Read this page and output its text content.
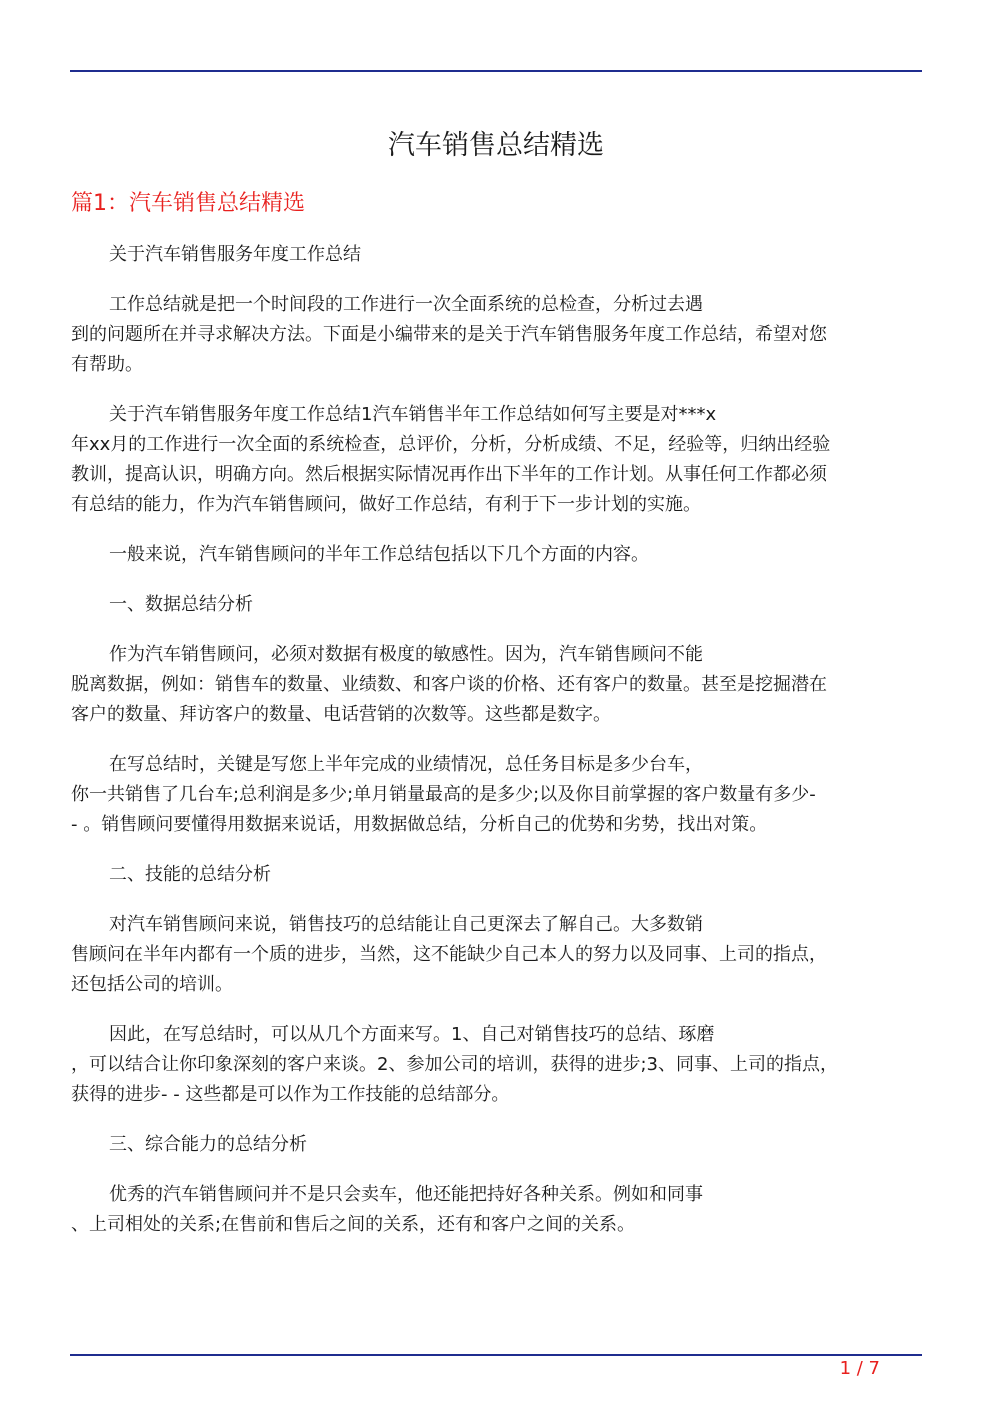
汽车销售总结精选
篇1：汽车销售总结精选

关于汽车销售服务年度工作总结

工作总结就是把一个时间段的工作进行一次全面系统的总检查，分析过去遇
到的问题所在并寻求解决方法。下面是小编带来的是关于汽车销售服务年度工作总结，希望对您
有帮助。

关于汽车销售服务年度工作总结1汽车销售半年工作总结如何写主要是对***x
年xx月的工作进行一次全面的系统检查，总评价，分析，分析成绩、不足，经验等，归纳出经验
教训，提高认识，明确方向。然后根据实际情况再作出下半年的工作计划。从事任何工作都必须
有总结的能力，作为汽车销售顾问，做好工作总结，有利于下一步计划的实施。

一般来说，汽车销售顾问的半年工作总结包括以下几个方面的内容。

一、数据总结分析

作为汽车销售顾问，必须对数据有极度的敏感性。因为，汽车销售顾问不能
脱离数据，例如：销售车的数量、业绩数、和客户谈的价格、还有客户的数量。甚至是挖掘潜在
客户的数量、拜访客户的数量、电话营销的次数等。这些都是数字。

在写总结时，关键是写您上半年完成的业绩情况，总任务目标是多少台车，
你一共销售了几台车;总利润是多少;单月销量最高的是多少;以及你目前掌握的客户数量有多少-
- 。销售顾问要懂得用数据来说话，用数据做总结，分析自己的优势和劣势，找出对策。

二、技能的总结分析

对汽车销售顾问来说，销售技巧的总结能让自己更深去了解自己。大多数销
售顾问在半年内都有一个质的进步，当然，这不能缺少自己本人的努力以及同事、上司的指点，
还包括公司的培训。

因此，在写总结时，可以从几个方面来写。1、自己对销售技巧的总结、琢磨
，可以结合让你印象深刻的客户来谈。2、参加公司的培训，获得的进步;3、同事、上司的指点，
获得的进步- - 这些都是可以作为工作技能的总结部分。

三、综合能力的总结分析

优秀的汽车销售顾问并不是只会卖车，他还能把持好各种关系。例如和同事
、上司相处的关系;在售前和售后之间的关系，还有和客户之间的关系。

1 / 7
